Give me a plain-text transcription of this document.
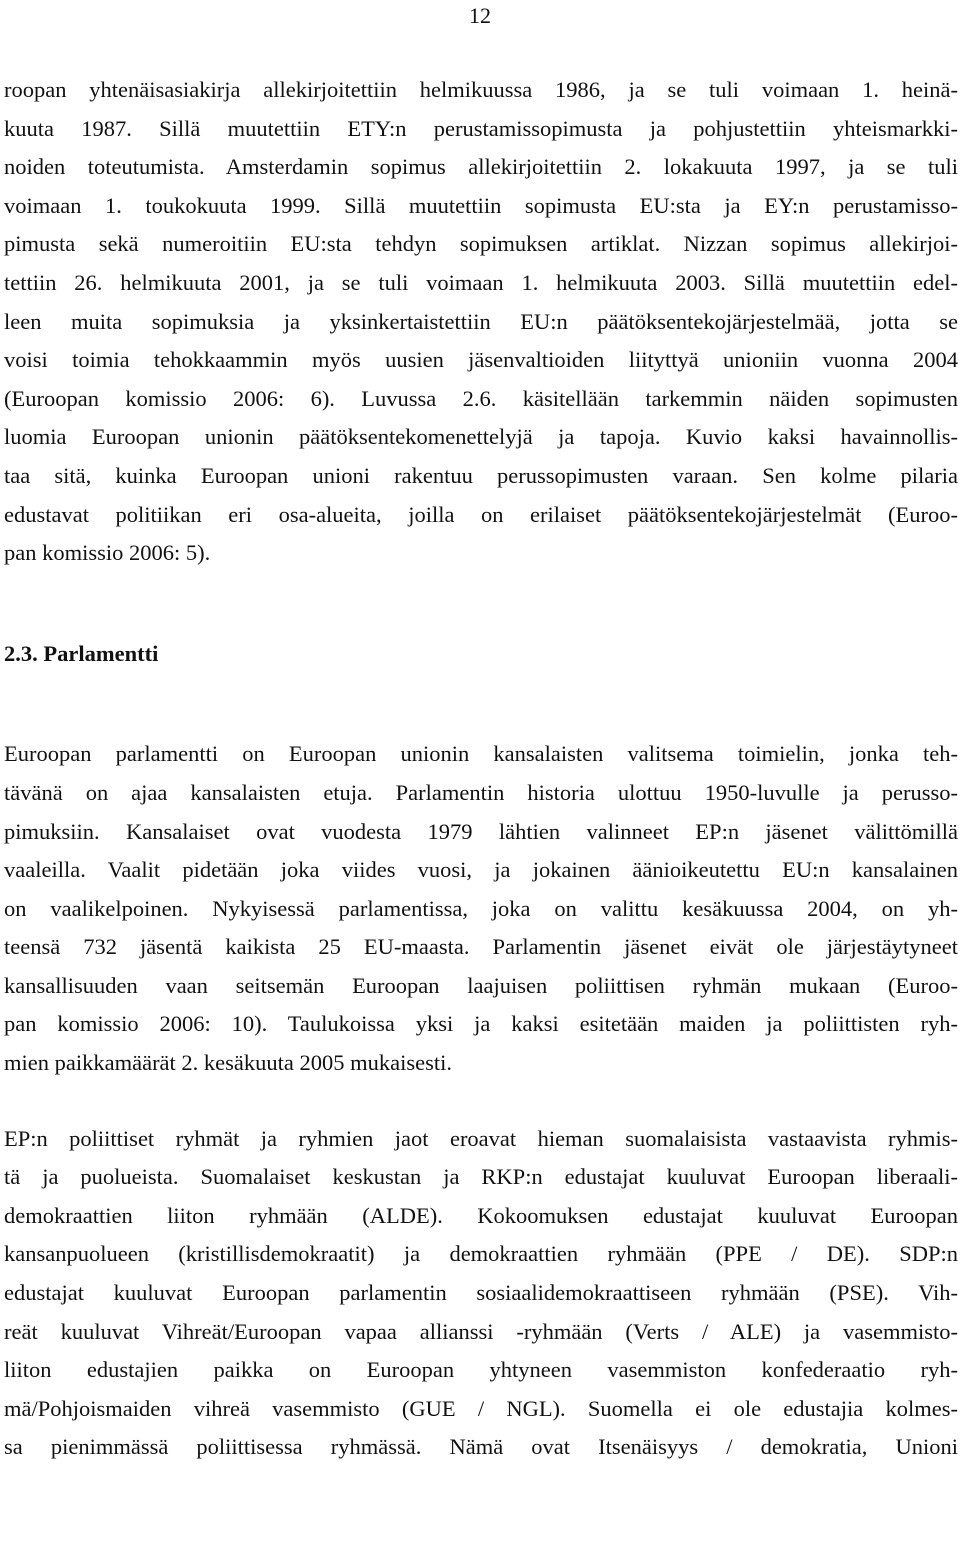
12
roopan yhtenäisasiakirja allekirjoitettiin helmikuussa 1986, ja se tuli voimaan 1. heinä-
kuuta 1987. Sillä muutettiin ETY:n perustamissopimusta ja pohjustettiin yhteismarkki-
noiden toteutumista. Amsterdamin sopimus allekirjoitettiin 2. lokakuuta 1997, ja se tuli
voimaan 1. toukokuuta 1999. Sillä muutettiin sopimusta EU:sta ja EY:n perustamisso-
pimusta sekä numeroitiin EU:sta tehdyn sopimuksen artiklat. Nizzan sopimus allekirjoi-
tettiin 26. helmikuuta 2001, ja se tuli voimaan 1. helmikuuta 2003. Sillä muutettiin edel-
leen muita sopimuksia ja yksinkertaistettiin EU:n päätöksentekojärjestelmää, jotta se
voisi toimia tehokkaammin myös uusien jäsenvaltioiden liityttyä unioniin vuonna 2004
(Euroopan komissio 2006: 6). Luvussa 2.6. käsitellään tarkemmin näiden sopimusten
luomia Euroopan unionin päätöksentekomenettelyjä ja tapoja. Kuvio kaksi havainnollis-
taa sitä, kuinka Euroopan unioni rakentuu perussopimusten varaan. Sen kolme pilaria
edustavat politiikan eri osa-alueita, joilla on erilaiset päätöksentekojärjestelmät (Euroo-
pan komissio 2006: 5).
2.3. Parlamentti
Euroopan parlamentti on Euroopan unionin kansalaisten valitsema toimielin, jonka teh-
tävänä on ajaa kansalaisten etuja. Parlamentin historia ulottuu 1950-luvulle ja perusso-
pimuksiin. Kansalaiset ovat vuodesta 1979 lähtien valinneet EP:n jäsenet välittömillä
vaaleilla. Vaalit pidetään joka viides vuosi, ja jokainen äänioikeutettu EU:n kansalainen
on vaalikelpoinen. Nykyisessä parlamentissa, joka on valittu kesäkuussa 2004, on yh-
teensä 732 jäsentä kaikista 25 EU-maasta. Parlamentin jäsenet eivät ole järjestäytyneet
kansallisuuden vaan seitsemän Euroopan laajuisen poliittisen ryhmän mukaan (Euroo-
pan komissio 2006: 10). Taulukoissa yksi ja kaksi esitetään maiden ja poliittisten ryh-
mien paikkamäärät 2. kesäkuuta 2005 mukaisesti.
EP:n poliittiset ryhmät ja ryhmien jaot eroavat hieman suomalaisista vastaavista ryhmis-
tä ja puolueista. Suomalaiset keskustan ja RKP:n edustajat kuuluvat Euroopan liberaali-
demokraattien liiton ryhmään (ALDE). Kokoomuksen edustajat kuuluvat Euroopan
kansanpuolueen (kristillisdemokraatit) ja demokraattien ryhmään (PPE / DE). SDP:n
edustajat kuuluvat Euroopan parlamentin sosiaalidemokraattiseen ryhmään (PSE). Vih-
reät kuuluvat Vihreät/Euroopan vapaa allianssi -ryhmään (Verts / ALE) ja vasemmisto-
liiton edustajien paikka on Euroopan yhtyneen vasemmiston konfederaatio ryh-
mä/Pohjoismaiden vihreä vasemmisto (GUE / NGL). Suomella ei ole edustajia kolmes-
sa pienimmässä poliittisessa ryhmässä. Nämä ovat Itsenäisyys / demokratia, Unioni
